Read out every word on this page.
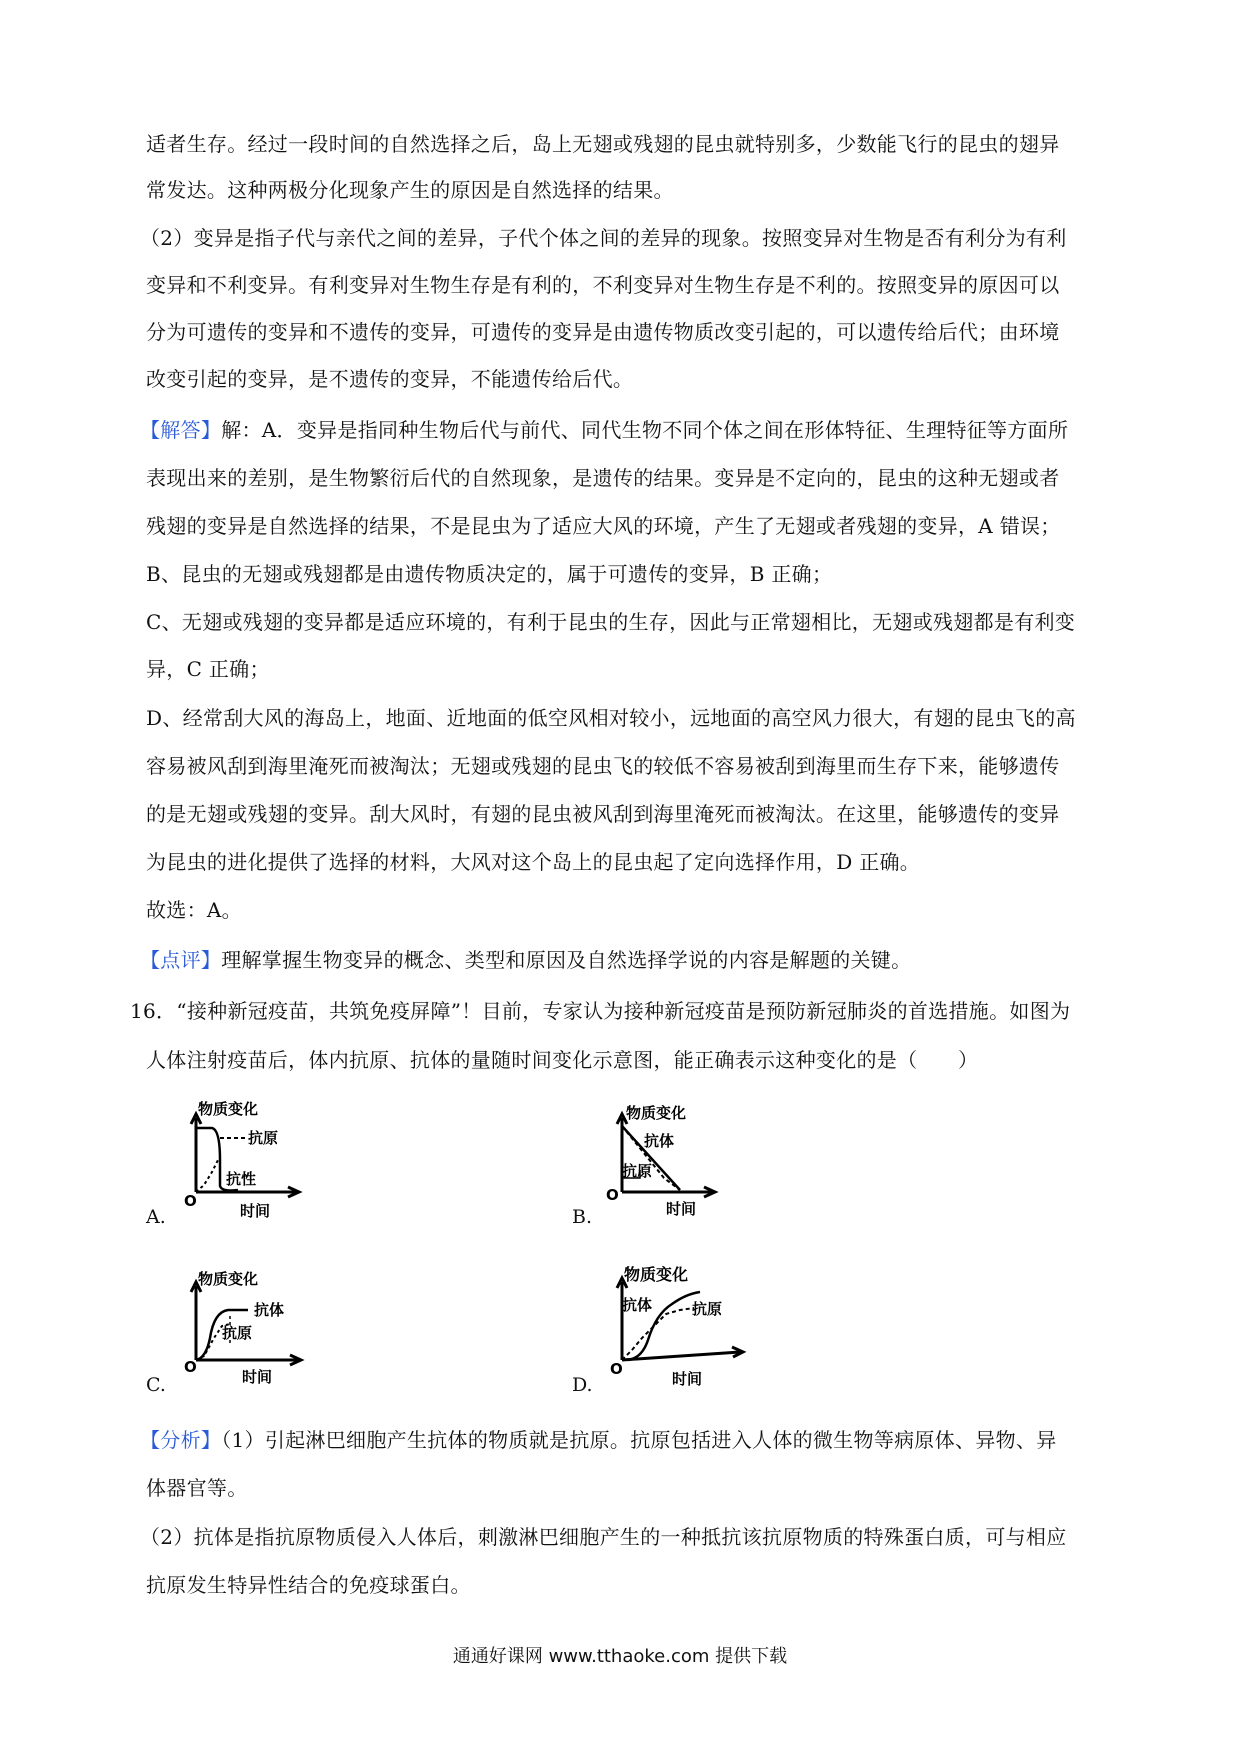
适者生存。经过一段时间的自然选择之后，岛上无翅或残翅的昆虫就特别多，少数能飞行的昆虫的翅异
常发达。这种两极分化现象产生的原因是自然选择的结果。
（2）变异是指子代与亲代之间的差异，子代个体之间的差异的现象。按照变异对生物是否有利分为有利
变异和不利变异。有利变异对生物生存是有利的，不利变异对生物生存是不利的。按照变异的原因可以
分为可遗传的变异和不遗传的变异，可遗传的变异是由遗传物质改变引起的，可以遗传给后代；由环境
改变引起的变异，是不遗传的变异，不能遗传给后代。
【解答】解：A．变异是指同种生物后代与前代、同代生物不同个体之间在形体特征、生理特征等方面所
表现出来的差别，是生物繁衍后代的自然现象，是遗传的结果。变异是不定向的，昆虫的这种无翅或者
残翅的变异是自然选择的结果，不是昆虫为了适应大风的环境，产生了无翅或者残翅的变异，A 错误；
B、昆虫的无翅或残翅都是由遗传物质决定的，属于可遗传的变异，B 正确；
C、无翅或残翅的变异都是适应环境的，有利于昆虫的生存，因此与正常翅相比，无翅或残翅都是有利变
异，C 正确；
D、经常刮大风的海岛上，地面、近地面的低空风相对较小，远地面的高空风力很大，有翅的昆虫飞的高
容易被风刮到海里淹死而被淘汰；无翅或残翅的昆虫飞的较低不容易被刮到海里而生存下来，能够遗传
的是无翅或残翅的变异。刮大风时，有翅的昆虫被风刮到海里淹死而被淘汰。在这里，能够遗传的变异
为昆虫的进化提供了选择的材料，大风对这个岛上的昆虫起了定向选择作用，D 正确。
故选：A。
【点评】理解掌握生物变异的概念、类型和原因及自然选择学说的内容是解题的关键。
16．“接种新冠疫苗，共筑免疫屏障”！目前，专家认为接种新冠疫苗是预防新冠肺炎的首选措施。如图为
人体注射疫苗后，体内抗原、抗体的量随时间变化示意图，能正确表示这种变化的是（　　）
A.
物质变化
抗原
抗性
O
时间	B.
物质变化
抗体
抗原
O
时间
C.
物质变化
抗体
抗原
O
时间	D.
物质变化
抗体	抗原
O
时间
【分析】（1）引起淋巴细胞产生抗体的物质就是抗原。抗原包括进入人体的微生物等病原体、异物、异
体器官等。
（2）抗体是指抗原物质侵入人体后，刺激淋巴细胞产生的一种抵抗该抗原物质的特殊蛋白质，可与相应
抗原发生特异性结合的免疫球蛋白。
通通好课网 www.tthaoke.com 提供下载
